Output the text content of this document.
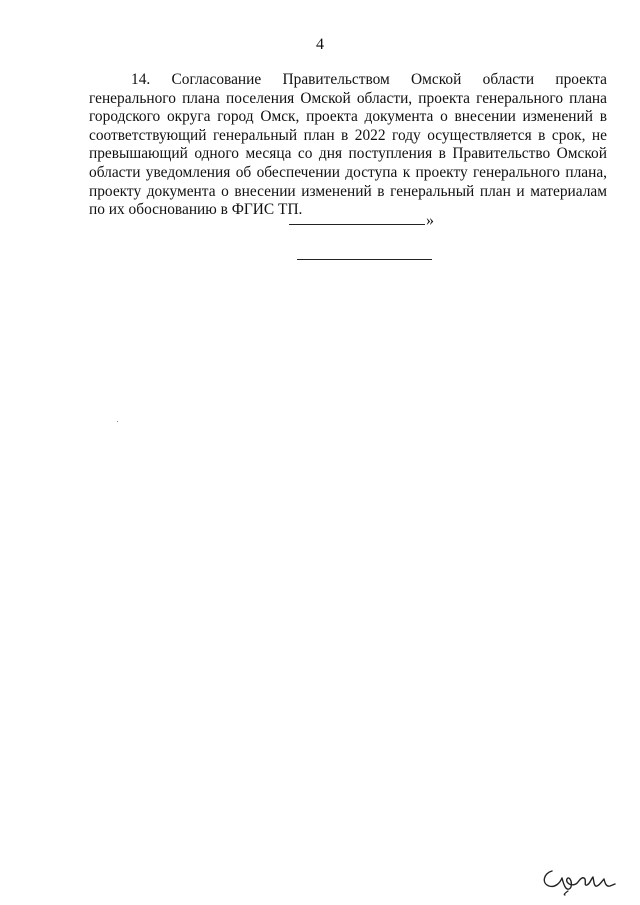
4

14. Согласование Правительством Омской области проекта генерального плана поселения Омской области, проекта генерального плана городского округа город Омск, проекта документа о внесении изменений в соответствующий генеральный план в 2022 году осуществляется в срок, не превышающий одного месяца со дня поступления в Правительство Омской области уведомления об обеспечении доступа к проекту генерального плана, проекту документа о внесении изменений в генеральный план и материалам по их обоснованию в ФГИС ТП.

»
